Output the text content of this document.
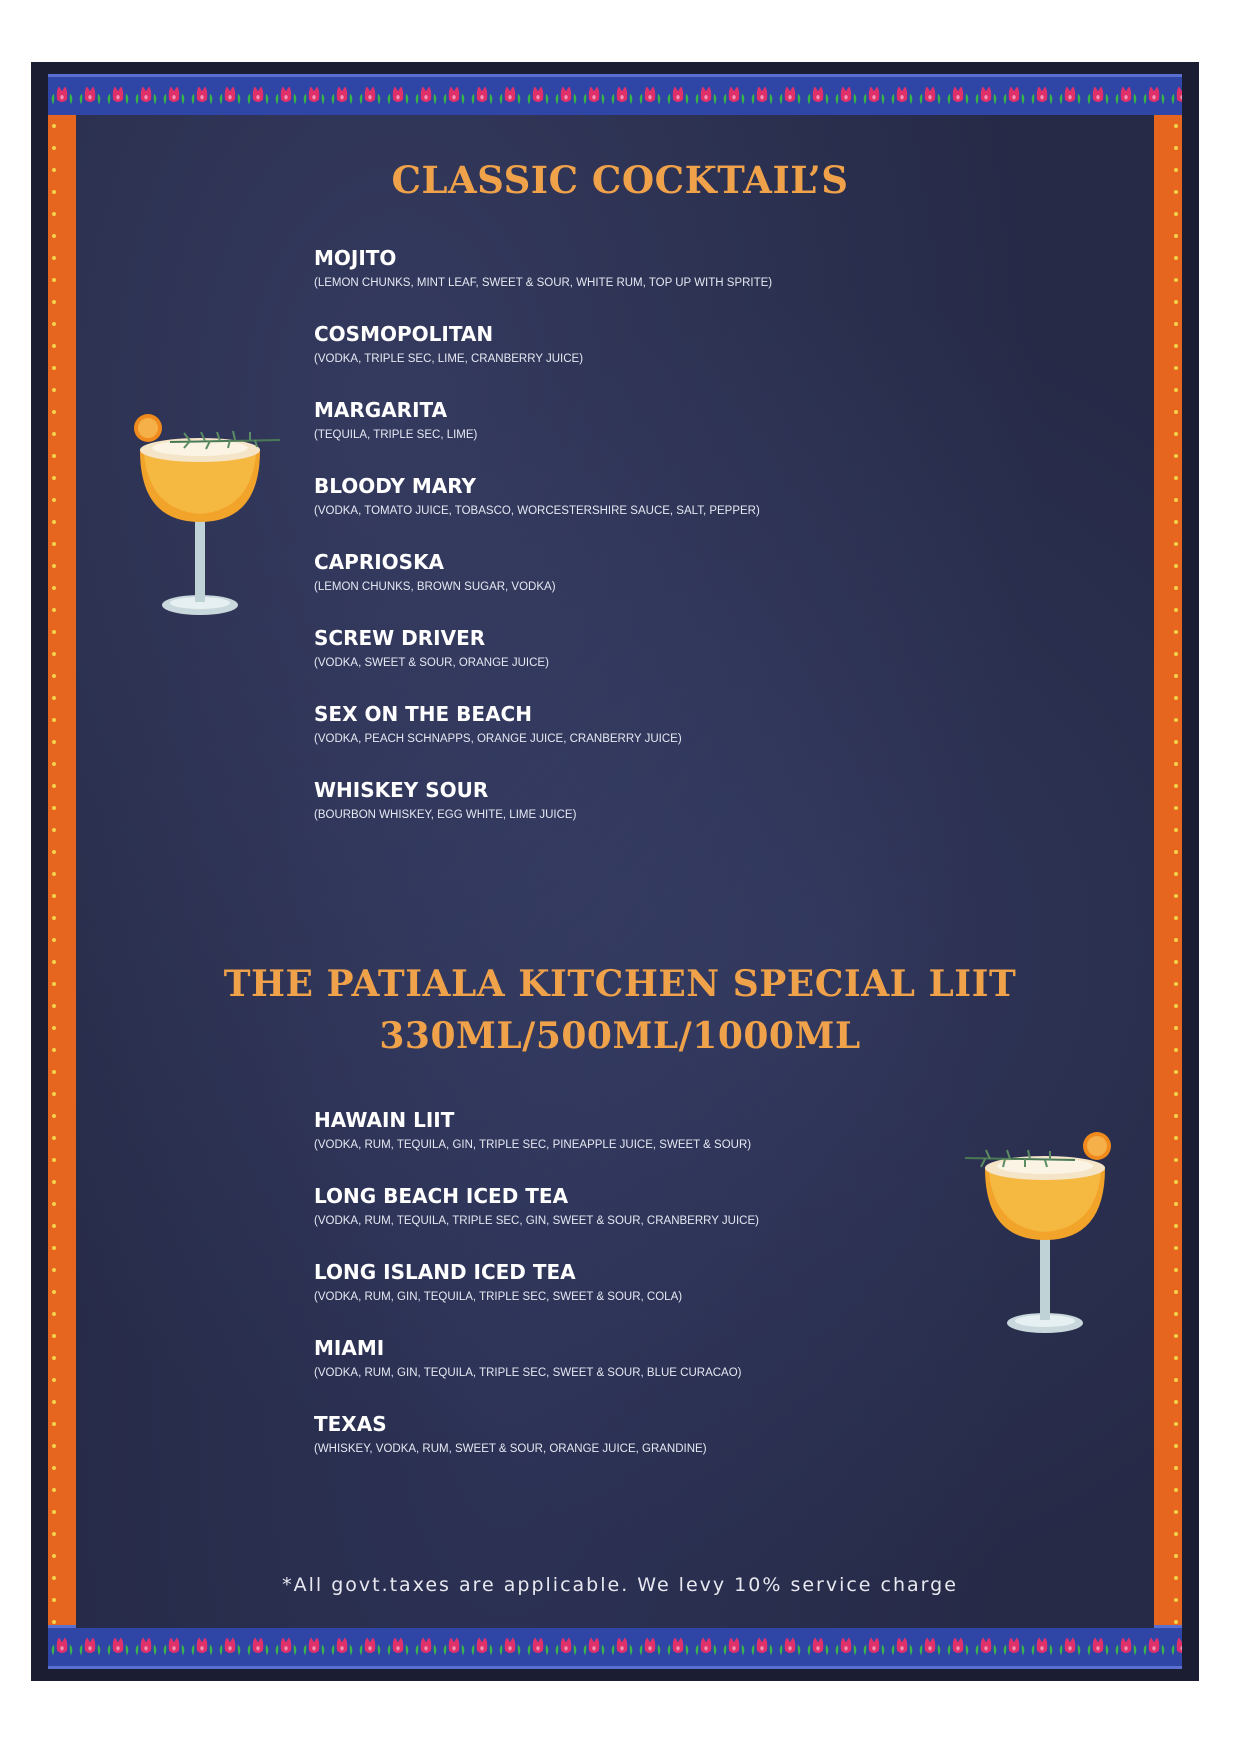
CLASSIC COCKTAIL’S
MOJITO
(LEMON CHUNKS, MINT LEAF, SWEET & SOUR, WHITE RUM, TOP UP WITH SPRITE)
COSMOPOLITAN
(VODKA, TRIPLE SEC, LIME, CRANBERRY JUICE)
MARGARITA
(TEQUILA, TRIPLE SEC, LIME)
BLOODY MARY
(VODKA, TOMATO JUICE, TOBASCO, WORCESTERSHIRE SAUCE, SALT, PEPPER)
CAPRIOSKA
(LEMON CHUNKS, BROWN SUGAR, VODKA)
SCREW DRIVER
(VODKA, SWEET & SOUR, ORANGE JUICE)
SEX ON THE BEACH
(VODKA, PEACH SCHNAPPS, ORANGE JUICE, CRANBERRY JUICE)
WHISKEY SOUR
(BOURBON WHISKEY, EGG WHITE, LIME JUICE)
THE PATIALA KITCHEN SPECIAL LIIT
330ML/500ML/1000ML
HAWAIN LIIT
(VODKA, RUM, TEQUILA, GIN, TRIPLE SEC, PINEAPPLE JUICE, SWEET & SOUR)
LONG BEACH ICED TEA
(VODKA, RUM, TEQUILA, TRIPLE SEC, GIN, SWEET & SOUR, CRANBERRY JUICE)
LONG ISLAND ICED TEA
(VODKA, RUM, GIN, TEQUILA, TRIPLE SEC, SWEET & SOUR, COLA)
MIAMI
(VODKA, RUM, GIN, TEQUILA, TRIPLE SEC, SWEET & SOUR, BLUE CURACAO)
TEXAS
(WHISKEY, VODKA, RUM, SWEET & SOUR, ORANGE JUICE, GRANDINE)
*All govt.taxes are applicable. We levy 10% service charge
